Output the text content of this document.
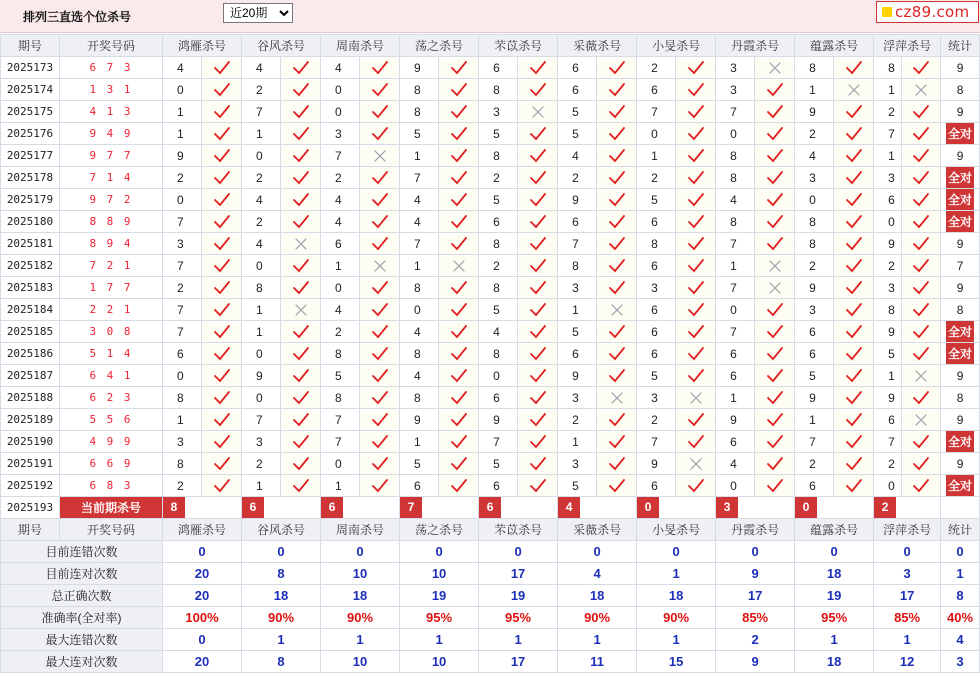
排列三直选个位杀号
近20期	cz89.com
期号	开奖号码	鸿雁杀号		谷风杀号		周南杀号		荡之杀号		芣苡杀号		采薇杀号		小旻杀号		丹霞杀号		蕴露杀号		浮萍杀号		统计
2025173	6 7 3	4		4		4		9		6		6		2		3		8		8		9
2025174	1 3 1	0		2		0		8		8		6		6		3		1		1		8
2025175	4 1 3	1		7		0		8		3		5		7		7		9		2		9
2025176	9 4 9	1		1		3		5		5		5		0		0		2		7		全对
2025177	9 7 7	9		0		7		1		8		4		1		8		4		1		9
2025178	7 1 4	2		2		2		7		2		2		2		8		3		3		全对
2025179	9 7 2	0		4		4		4		5		9		5		4		0		6		全对
2025180	8 8 9	7		2		4		4		6		6		6		8		8		0		全对
2025181	8 9 4	3		4		6		7		8		7		8		7		8		9		9
2025182	7 2 1	7		0		1		1		2		8		6		1		2		2		7
2025183	1 7 7	2		8		0		8		8		3		3		7		9		3		9
2025184	2 2 1	7		1		4		0		5		1		6		0		3		8		8
2025185	3 0 8	7		1		2		4		4		5		6		7		6		9		全对
2025186	5 1 4	6		0		8		8		8		6		6		6		6		5		全对
2025187	6 4 1	0		9		5		4		0		9		5		6		5		1		9
2025188	6 2 3	8		0		8		8		6		3		3		1		9		9		8
2025189	5 5 6	1		7		7		9		9		2		2		9		1		6		9
2025190	4 9 9	3		3		7		1		7		1		7		6		7		7		全对
2025191	6 6 9	8		2		0		5		5		3		9		4		2		2		9
2025192	6 8 3	2		1		1		6		6		5		6		0		6		0		全对
2025193	当前期杀号	8		6		6		7		6		4		0		3		0		2		
期号	开奖号码	鸿雁杀号		谷风杀号		周南杀号		荡之杀号		芣苡杀号		采薇杀号		小旻杀号		丹霞杀号		蕴露杀号		浮萍杀号		统计
目前连错次数		0		0		0		0		0		0		0		0		0		0		0
目前连对次数		20		8		10		10		17		4		1		9		18		3		1
总正确次数		20		18		18		19		19		18		18		17		19		17		8
准确率(全对率)		100%		90%		90%		95%		95%		90%		90%		85%		95%		85%		40%
最大连错次数		0		1		1		1		1		1		1		2		1		1		4
最大连对次数		20		8		10		10		17		11		15		9		18		12		3
